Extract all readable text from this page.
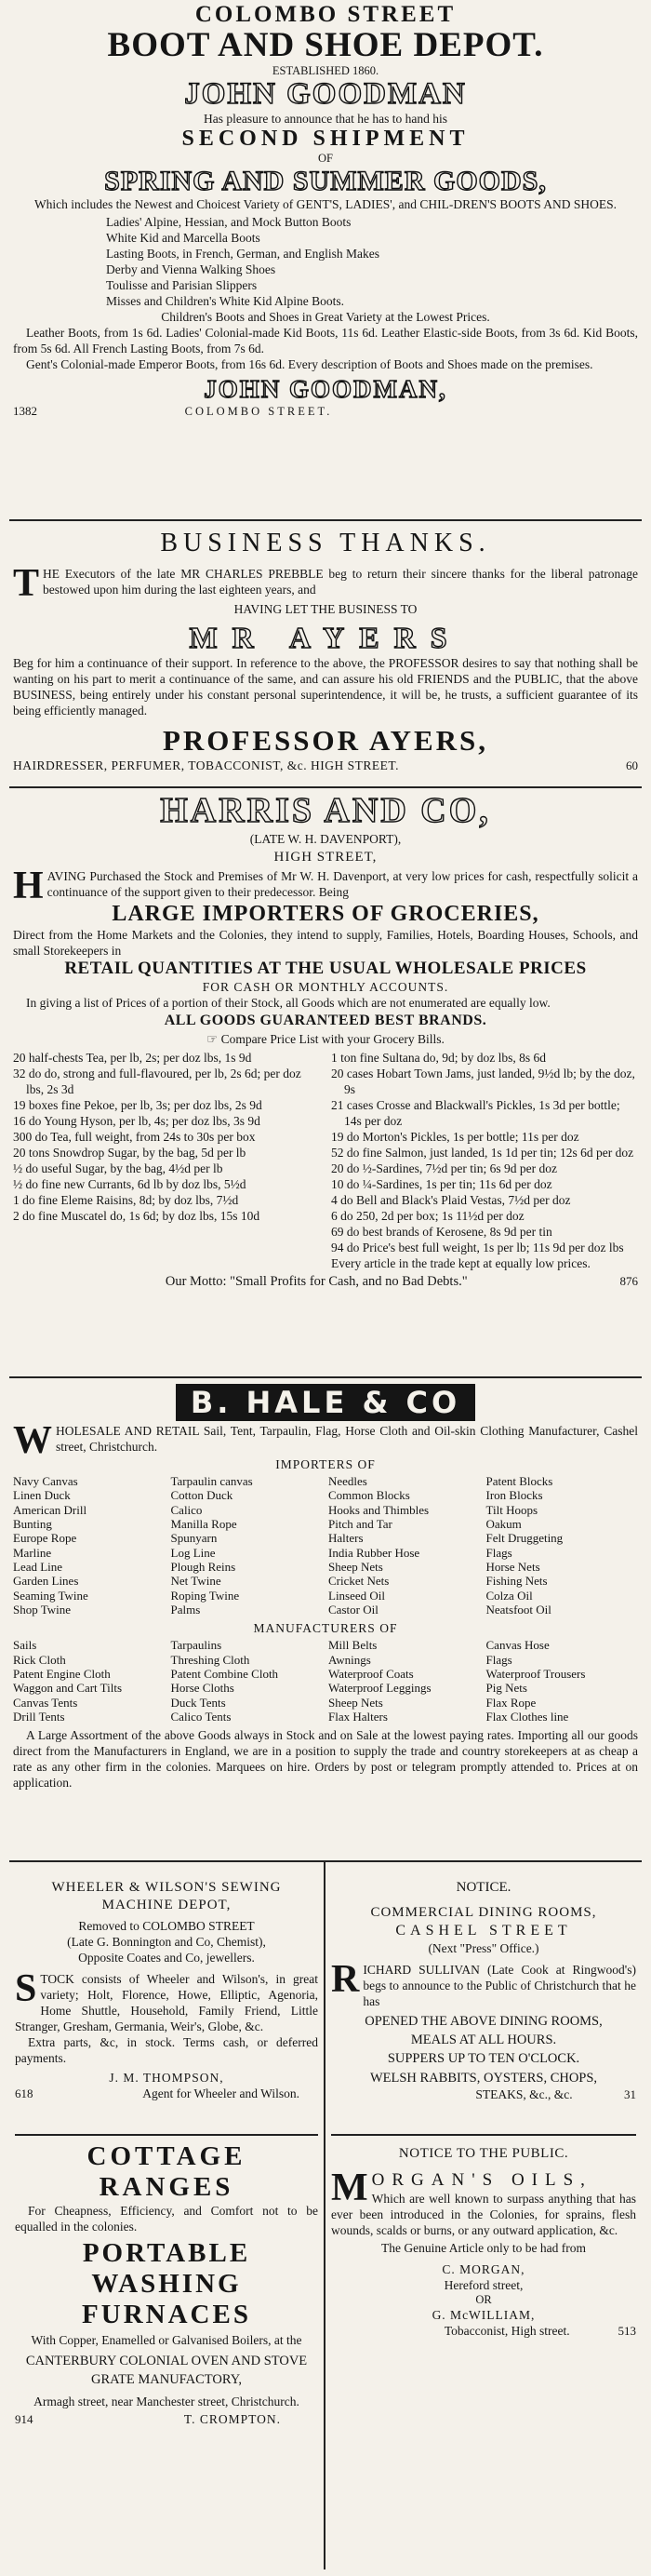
COLOMBO STREET
BOOT AND SHOE DEPOT.
ESTABLISHED 1860.
JOHN GOODMAN
Has pleasure to announce that he has to hand his
SECOND SHIPMENT
OF
SPRING AND SUMMER GOODS,

Which includes the Newest and Choicest Variety of GENT'S, LADIES', and CHIL-DREN'S BOOTS AND SHOES.

Ladies' Alpine, Hessian, and Mock Button Boots
White Kid and Marcella Boots
Lasting Boots, in French, German, and English Makes
Derby and Vienna Walking Shoes
Toulisse and Parisian Slippers
Misses and Children's White Kid Alpine Boots.

Children's Boots and Shoes in Great Variety at the Lowest Prices.

Leather Boots, from 1s 6d. Ladies' Colonial-made Kid Boots, 11s 6d. Leather Elastic-side Boots, from 3s 6d. Kid Boots, from 5s 6d. All French Lasting Boots, from 7s 6d.

Gent's Colonial-made Emperor Boots, from 16s 6d. Every description of Boots and Shoes made on the premises.

JOHN GOODMAN,
1382	COLOMBO STREET.
BUSINESS THANKS.

THE Executors of the late MR CHARLES PREBBLE beg to return their sincere thanks for the liberal patronage bestowed upon him during the last eighteen years, and

HAVING LET THE BUSINESS TO
MR AYERS

Beg for him a continuance of their support. In reference to the above, the PROFESSOR desires to say that nothing shall be wanting on his part to merit a continuance of the same, and can assure his old FRIENDS and the PUBLIC, that the above BUSINESS, being entirely under his constant personal superintendence, it will be, he trusts, a sufficient guarantee of its being efficiently managed.

PROFESSOR AYERS,
HAIRDRESSER, PERFUMER, TOBACCONIST, &c. HIGH STREET.	60
HARRIS AND CO,
(LATE W. H. DAVENPORT),
HIGH STREET,

HAVING Purchased the Stock and Premises of Mr W. H. Davenport, at very low prices for cash, respectfully solicit a continuance of the support given to their predecessor. Being

LARGE IMPORTERS OF GROCERIES,

Direct from the Home Markets and the Colonies, they intend to supply, Families, Hotels, Boarding Houses, Schools, and small Storekeepers in

RETAIL QUANTITIES AT THE USUAL WHOLESALE PRICES
FOR CASH OR MONTHLY ACCOUNTS.

In giving a list of Prices of a portion of their Stock, all Goods which are not enumerated are equally low.

ALL GOODS GUARANTEED BEST BRANDS.
☞ Compare Price List with your Grocery Bills.

20 half-chests Tea, per lb, 2s; per doz lbs, 1s 9d

32 do do, strong and full-flavoured, per lb, 2s 6d; per doz lbs, 2s 3d

19 boxes fine Pekoe, per lb, 3s; per doz lbs, 2s 9d

16 do Young Hyson, per lb, 4s; per doz lbs, 3s 9d

300 do Tea, full weight, from 24s to 30s per box

20 tons Snowdrop Sugar, by the bag, 5d per lb

½ do useful Sugar, by the bag, 4½d per lb

½ do fine new Currants, 6d lb by doz lbs, 5½d

1 do fine Eleme Raisins, 8d; by doz lbs, 7½d

2 do fine Muscatel do, 1s 6d; by doz lbs, 15s 10d

1 ton fine Sultana do, 9d; by doz lbs, 8s 6d

20 cases Hobart Town Jams, just landed, 9½d lb; by the doz, 9s

21 cases Crosse and Blackwall's Pickles, 1s 3d per bottle; 14s per doz

19 do Morton's Pickles, 1s per bottle; 11s per doz

52 do fine Salmon, just landed, 1s 1d per tin; 12s 6d per doz

20 do ½-Sardines, 7½d per tin; 6s 9d per doz

10 do ¼-Sardines, 1s per tin; 11s 6d per doz

4 do Bell and Black's Plaid Vestas, 7½d per doz

6 do 250, 2d per box; 1s 11½d per doz

69 do best brands of Kerosene, 8s 9d per tin

94 do Price's best full weight, 1s per lb; 11s 9d per doz lbs

Every article in the trade kept at equally low prices.

Our Motto: "Small Profits for Cash, and no Bad Debts."	876
B. HALE & CO

WHOLESALE AND RETAIL Sail, Tent, Tarpaulin, Flag, Horse Cloth and Oil-skin Clothing Manufacturer, Cashel street, Christchurch.

IMPORTERS OF
Navy Canvas	Tarpaulin canvas	Needles	Patent Blocks
Linen Duck	Cotton Duck	Common Blocks	Iron Blocks
American Drill	Calico	Hooks and Thimbles	Tilt Hoops
Bunting	Manilla Rope	Pitch and Tar	Oakum
Europe Rope	Spunyarn	Halters	Felt Druggeting
Marline	Log Line	India Rubber Hose	Flags
Lead Line	Plough Reins	Sheep Nets	Horse Nets
Garden Lines	Net Twine	Cricket Nets	Fishing Nets
Seaming Twine	Roping Twine	Linseed Oil	Colza Oil
Shop Twine	Palms	Castor Oil	Neatsfoot Oil
MANUFACTURERS OF
Sails	Tarpaulins	Mill Belts	Canvas Hose
Rick Cloth	Threshing Cloth	Awnings	Flags
Patent Engine Cloth	Patent Combine Cloth	Waterproof Coats	Waterproof Trousers
Waggon and Cart Tilts	Horse Cloths	Waterproof Leggings	Pig Nets
Canvas Tents	Duck Tents	Sheep Nets	Flax Rope
Drill Tents	Calico Tents	Flax Halters	Flax Clothes line

A Large Assortment of the above Goods always in Stock and on Sale at the lowest paying rates. Importing all our goods direct from the Manufacturers in England, we are in a position to supply the trade and country storekeepers at as cheap a rate as any other firm in the colonies. Marquees on hire. Orders by post or telegram promptly attended to. Prices at on application.

WHEELER & WILSON'S SEWING
MACHINE DEPOT,
Removed to COLOMBO STREET
(Late G. Bonnington and Co, Chemist),
Opposite Coates and Co, jewellers.

STOCK consists of Wheeler and Wilson's, in great variety; Holt, Florence, Howe, Elliptic, Agenoria, Home Shuttle, Household, Family Friend, Little Stranger, Gresham, Germania, Weir's, Globe, &c.

Extra parts, &c, in stock. Terms cash, or deferred payments.

J. M. THOMPSON,
618	Agent for Wheeler and Wilson.
COTTAGE RANGES

For Cheapness, Efficiency, and Comfort not to be equalled in the colonies.

PORTABLE WASHING
FURNACES

With Copper, Enamelled or Galvanised Boilers, at the

CANTERBURY COLONIAL OVEN AND STOVE GRATE MANUFACTORY,

Armagh street, near Manchester street, Christchurch.

914	T. CROMPTON.
NOTICE.
COMMERCIAL DINING ROOMS,
CASHEL STREET
(Next "Press" Office.)

RICHARD SULLIVAN (Late Cook at Ringwood's) begs to announce to the Public of Christchurch that he has

OPENED THE ABOVE DINING ROOMS,
MEALS AT ALL HOURS.
SUPPERS UP TO TEN O'CLOCK.
WELSH RABBITS, OYSTERS, CHOPS,
STEAKS, &c., &c.	31
NOTICE TO THE PUBLIC.
M ORGAN'S OILS,

Which are well known to surpass anything that has ever been introduced in the Colonies, for sprains, flesh wounds, scalds or burns, or any outward application, &c.

The Genuine Article only to be had from

C. MORGAN,
Hereford street,
OR
G. McWILLIAM,
Tobacconist, High street.	513
